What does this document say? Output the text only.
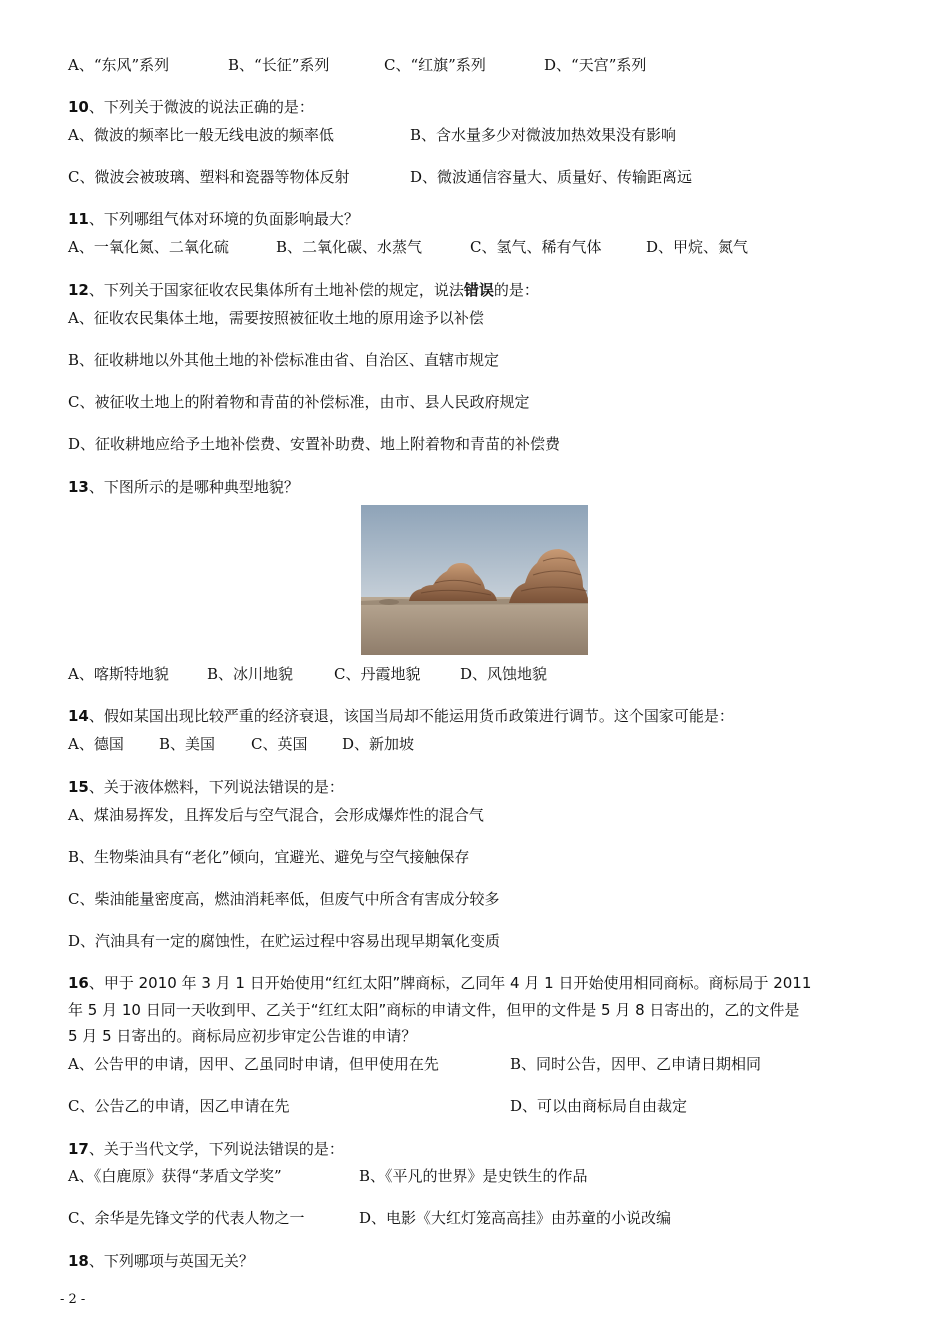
A、“东风”系列	B、“长征”系列	C、“红旗”系列	D、“天宫”系列
10、下列关于微波的说法正确的是：
A、微波的频率比一般无线电波的频率低	B、含水量多少对微波加热效果没有影响
C、微波会被玻璃、塑料和瓷器等物体反射	D、微波通信容量大、质量好、传输距离远
11、下列哪组气体对环境的负面影响最大？
A、一氧化氮、二氧化硫	B、二氧化碳、水蒸气	C、氢气、稀有气体	D、甲烷、氮气
12、下列关于国家征收农民集体所有土地补偿的规定，说法错误的是：
A、征收农民集体土地，需要按照被征收土地的原用途予以补偿
B、征收耕地以外其他土地的补偿标准由省、自治区、直辖市规定
C、被征收土地上的附着物和青苗的补偿标准，由市、县人民政府规定
D、征收耕地应给予土地补偿费、安置补助费、地上附着物和青苗的补偿费
13、下图所示的是哪种典型地貌？
A、喀斯特地貌	B、冰川地貌	C、丹霞地貌	D、风蚀地貌
14、假如某国出现比较严重的经济衰退，该国当局却不能运用货币政策进行调节。这个国家可能是：
A、德国 B、美国 C、英国 D、新加坡
15、关于液体燃料，下列说法错误的是：
A、煤油易挥发，且挥发后与空气混合，会形成爆炸性的混合气
B、生物柴油具有“老化”倾向，宜避光、避免与空气接触保存
C、柴油能量密度高，燃油消耗率低，但废气中所含有害成分较多
D、汽油具有一定的腐蚀性，在贮运过程中容易出现早期氧化变质
16、甲于 2010 年 3 月 1 日开始使用“红红太阳”牌商标，乙同年 4 月 1 日开始使用相同商标。商标局于 2011
年 5 月 10 日同一天收到甲、乙关于“红红太阳”商标的申请文件，但甲的文件是 5 月 8 日寄出的，乙的文件是
5 月 5 日寄出的。商标局应初步审定公告谁的申请？
A、公告甲的申请，因甲、乙虽同时申请，但甲使用在先	B、同时公告，因甲、乙申请日期相同
C、公告乙的申请，因乙申请在先	D、可以由商标局自由裁定
17、关于当代文学，下列说法错误的是：
A、《白鹿原》获得“茅盾文学奖”	B、《平凡的世界》是史铁生的作品
C、余华是先锋文学的代表人物之一	D、电影《大红灯笼高高挂》由苏童的小说改编
18、下列哪项与英国无关？
- 2 -
